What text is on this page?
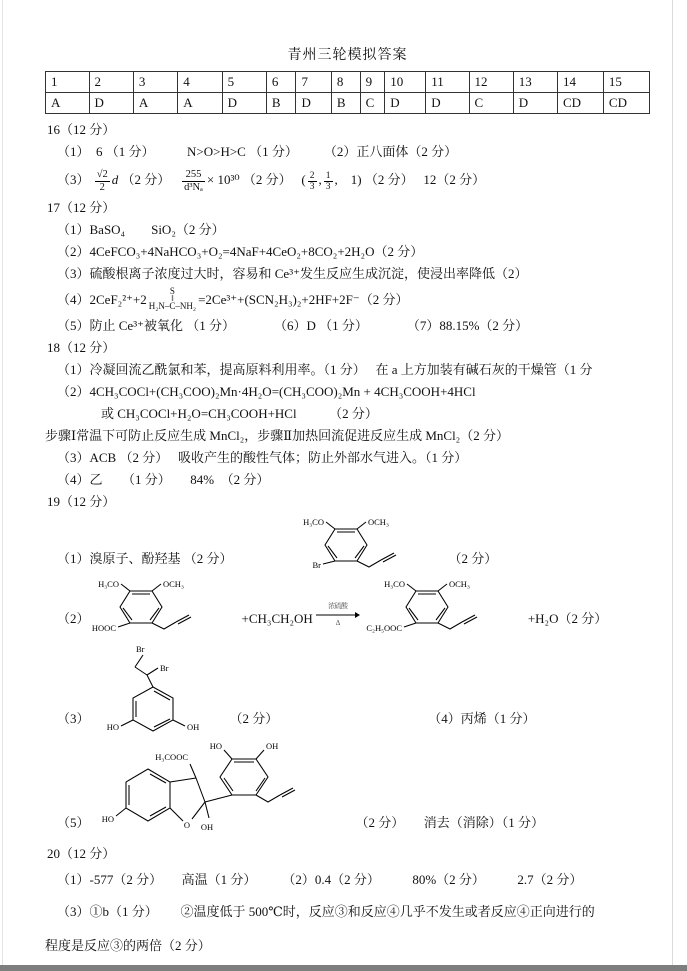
青州三轮模拟答案
1	2	3	4	5	6	7	8	9	10	11	12	13	14	15
A	D	A	A	D	B	D	B	C	D	D	C	D	CD	CD
16（12 分）
（1）　6 （1 分）　　　N>O>H>C （1 分）　　　（2）正八面体（2 分）
$(3) \frac{√2}{2}$ d （2 分）　 $\frac{255}{\text{d³Nₐ}} \times 10^{30}$ （2 分）　 ( $\frac{2}{3}$ , $\frac{1}{3}$ ,　1) （2 分）　 12（2 分）
17（12 分）
（1）BaSO₄　　SiO₂（2 分）
（2）4CeFCO₃+4NaHCO₃+O₂=4NaF+4CeO₂+8CO₂+2H₂O（2 分）
（3）硫酸根离子浓度过大时，容易和 Ce³⁺发生反应生成沉淀，使浸出率降低（2）
（4）2CeF₂²⁺+2
S
‖
H₂N–C–NH₂ =2Ce³⁺+(SCN₂H₃)₂+2HF+2F⁻（2 分）
（5）防止 Ce³⁺被氧化 （1 分）　　　　（6）D （1 分）　　　　（7）88.15%（2 分）
18（12 分）
（1）冷凝回流乙酰氯和苯，提高原料利用率。（1 分）　 在 a 上方加装有碱石灰的干燥管（1 分
（2）4CH₃COCl+(CH₃COO)₂Mn·4H₂O=(CH₃COO)₂Mn + 4CH₃COOH+4HCl
或 CH₃COCl+H₂O=CH₃COOH+HCl　　　（2 分）
步骤Ⅰ常温下可防止反应生成 MnCl₂，步骤Ⅱ加热回流促进反应生成 MnCl₂（2 分）
（3）ACB （2 分）　 吸收产生的酸性气体；防止外部水气进入。（1 分）
（4）乙　　（1 分）　　84%　（2 分）
19（12 分）
（1）溴原子、酚羟基 （2 分）
H₃CO	OCH₃
Br	（2 分）
（2）
H₃CO	OCH₃
HOOC
+CH₃CH₂OH
浓硫酸
Δ
H₃CO	OCH₃
C₂H₅OOC
+H₂O（2 分）
（3）
Br
Br
HO	OH
（2 分）	（4）丙烯（1 分）
（5） HO
O
H₃COOC
OH
HO	OH
（2 分）　　消去（消除）（1 分）
20（12 分）
（1）-577（2 分）　　高温（1 分）　　　（2）0.4（2 分）　　　80%（2 分）　　　2.7（2 分）
（3）①b（1 分）　　 ②温度低于 500℃时，反应③和反应④几乎不发生或者反应④正向进行的
程度是反应③的两倍（2 分）
